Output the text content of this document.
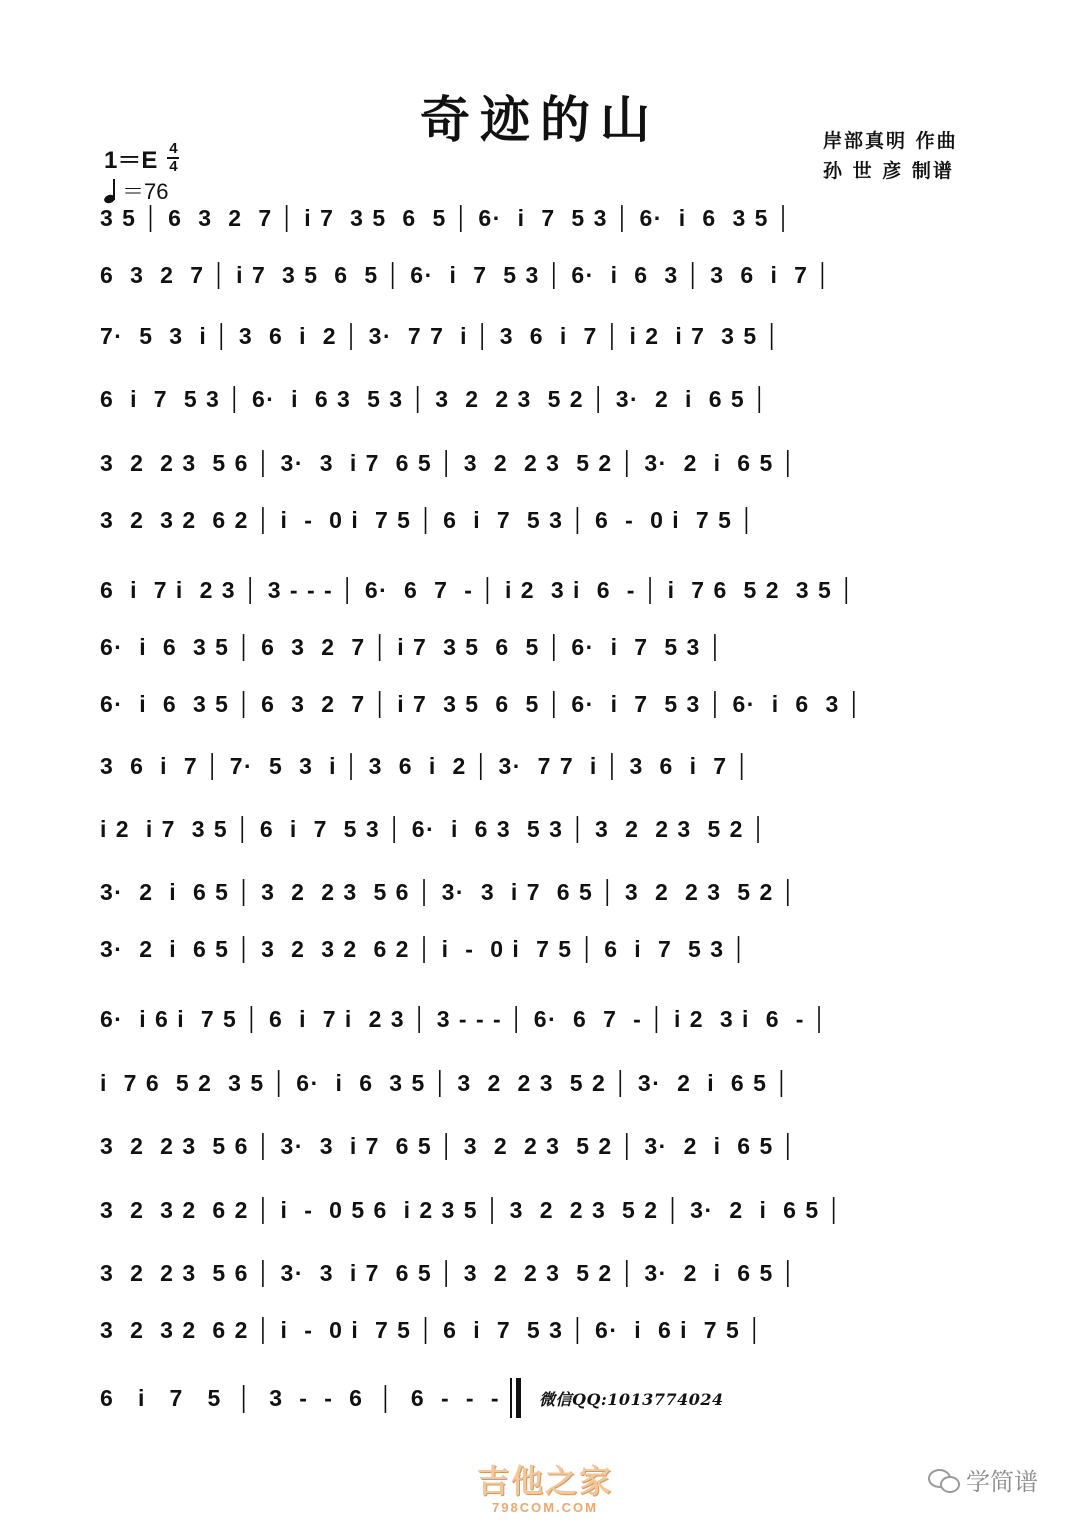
奇迹的山	岸部真明 作曲
孙 世 彦 制谱
1＝E 4
4
＝76
3 5 │ 6  3  2  7 │ i 7  3 5  6  5 │ 6·  i  7  5 3 │ 6·  i  6  3 5 │
6  3  2  7 │ i 7  3 5  6  5 │ 6·  i  7  5 3 │ 6·  i  6  3 │ 3  6  i  7 │
7·  5  3  i │ 3  6  i  2 │ 3·  7 7  i │ 3  6  i  7 │ i 2  i 7  3 5 │
6  i  7  5 3 │ 6·  i  6 3  5 3 │ 3  2  2 3  5 2 │ 3·  2  i  6 5 │
3  2  2 3  5 6 │ 3·  3  i 7  6 5 │ 3  2  2 3  5 2 │ 3·  2  i  6 5 │
3  2  3 2  6 2 │ i  -  0 i  7 5 │ 6  i  7  5 3 │ 6  -  0 i  7 5 │
6  i  7 i  2 3 │ 3 - - - │ 6·  6  7  - │ i 2  3 i  6  - │ i  7 6  5 2  3 5 │
6·  i  6  3 5 │ 6  3  2  7 │ i 7  3 5  6  5 │ 6·  i  7  5 3 │
6·  i  6  3 5 │ 6  3  2  7 │ i 7  3 5  6  5 │ 6·  i  7  5 3 │ 6·  i  6  3 │
3  6  i  7 │ 7·  5  3  i │ 3  6  i  2 │ 3·  7 7  i │ 3  6  i  7 │
i 2  i 7  3 5 │ 6  i  7  5 3 │ 6·  i  6 3  5 3 │ 3  2  2 3  5 2 │
3·  2  i  6 5 │ 3  2  2 3  5 6 │ 3·  3  i 7  6 5 │ 3  2  2 3  5 2 │
3·  2  i  6 5 │ 3  2  3 2  6 2 │ i  -  0 i  7 5 │ 6  i  7  5 3 │
6·  i 6 i  7 5 │ 6  i  7 i  2 3 │ 3 - - - │ 6·  6  7  - │ i 2  3 i  6  - │
i  7 6  5 2  3 5 │ 6·  i  6  3 5 │ 3  2  2 3  5 2 │ 3·  2  i  6 5 │
3  2  2 3  5 6 │ 3·  3  i 7  6 5 │ 3  2  2 3  5 2 │ 3·  2  i  6 5 │
3  2  3 2  6 2 │ i  -  0 5 6  i 2 3 5 │ 3  2  2 3  5 2 │ 3·  2  i  6 5 │
3  2  2 3  5 6 │ 3·  3  i 7  6 5 │ 3  2  2 3  5 2 │ 3·  2  i  6 5 │
3  2  3 2  6 2 │ i  -  0 i  7 5 │ 6  i  7  5 3 │ 6·  i  6 i  7 5 │
6   i   7   5  │  3  -  -  6  │  6  -  -  - 微信QQ:1013774024
吉他之家
798COM.COM
学简谱
